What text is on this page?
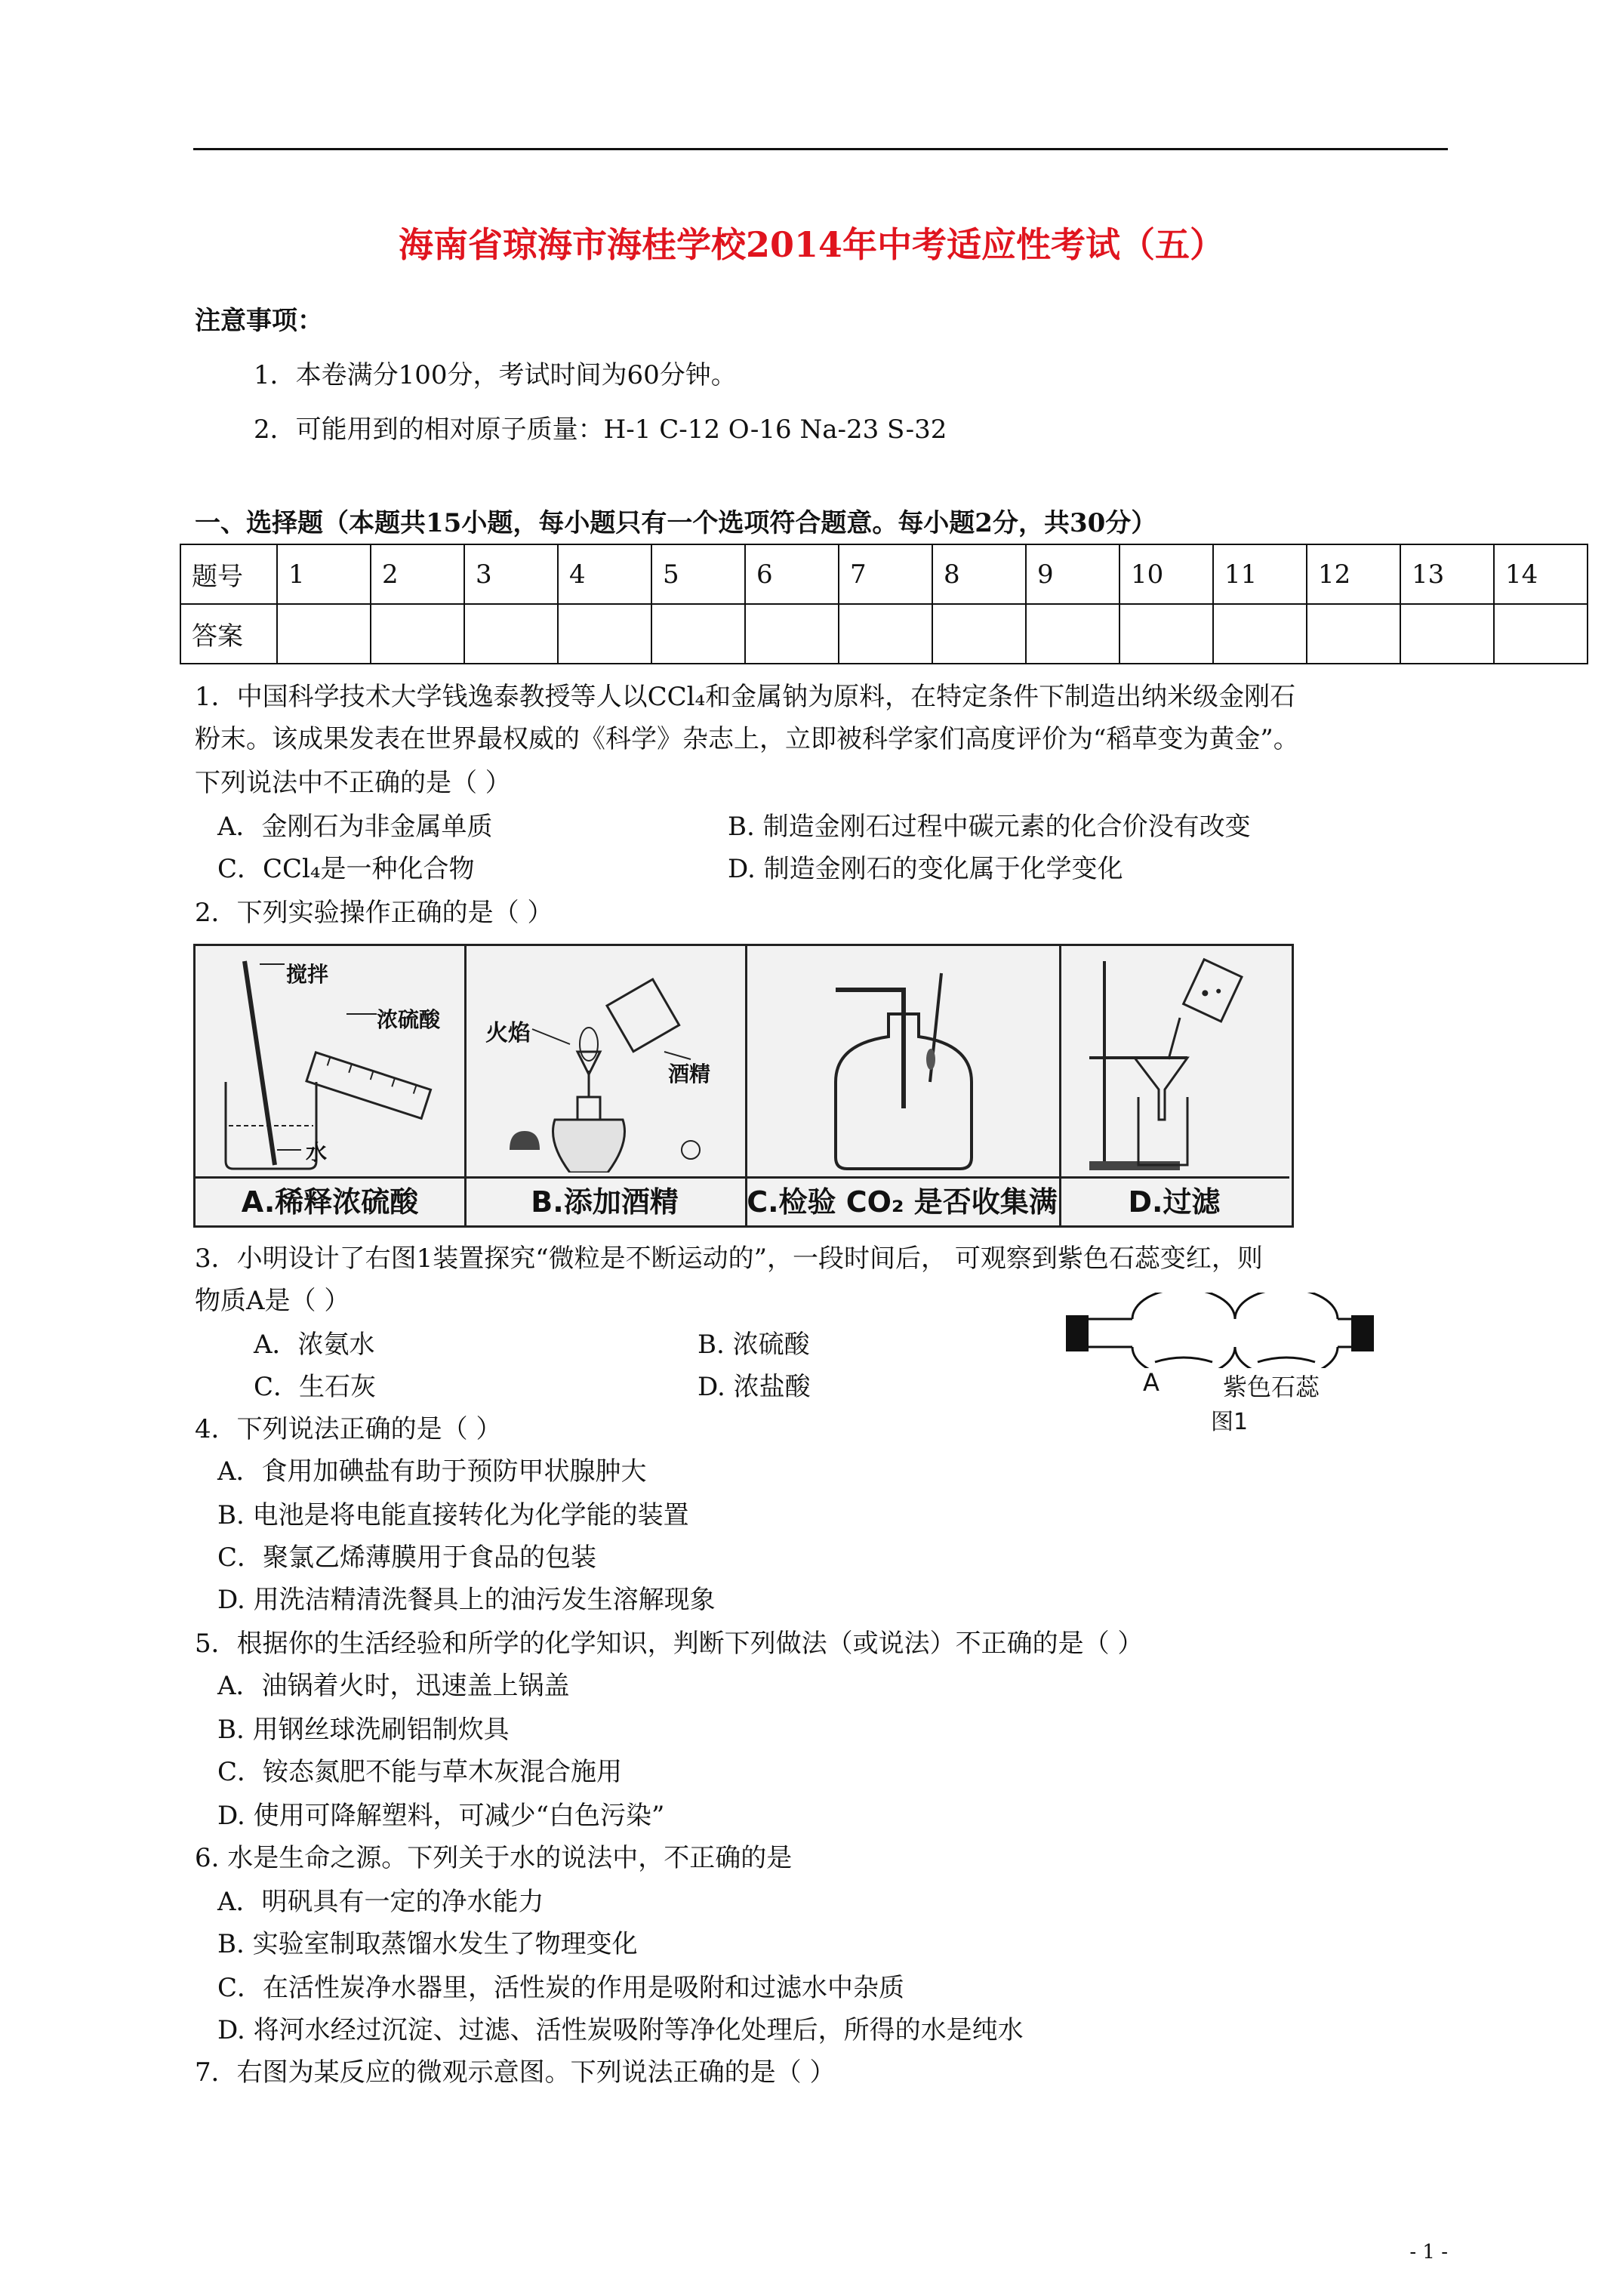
海南省琼海市海桂学校2014年中考适应性考试（五）
注意事项：
1．本卷满分100分，考试时间为60分钟。
2．可能用到的相对原子质量：H-1 C-12 O-16 Na-23 S-32
一、选择题（本题共15小题，每小题只有一个选项符合题意。每小题2分，共30分）
题号	1	2	3	4	5	6	7	8	9	10	11	12	13	14
答案														
1．中国科学技术大学钱逸泰教授等人以CCl₄和金属钠为原料，在特定条件下制造出纳米级金刚石
粉末。该成果发表在世界最权威的《科学》杂志上，立即被科学家们高度评价为“稻草变为黄金”。
下列说法中不正确的是（ ）
A．金刚石为非金属单质	B. 制造金刚石过程中碳元素的化合价没有改变
C．CCl₄是一种化合物	D. 制造金刚石的变化属于化学变化
2．下列实验操作正确的是（ ）
搅拌
浓硫酸
水
A.稀释浓硫酸
火焰
酒精
B.添加酒精	C.检验 CO₂ 是否收集满	D.过滤
3．小明设计了右图1装置探究“微粒是不断运动的”，一段时间后， 可观察到紫色石蕊变红，则
物质A是（ ）
A．浓氨水	B. 浓硫酸
C．生石灰	D. 浓盐酸	A	紫色石蕊
图1
4．下列说法正确的是（ ）
A．食用加碘盐有助于预防甲状腺肿大
B. 电池是将电能直接转化为化学能的装置
C．聚氯乙烯薄膜用于食品的包装
D. 用洗洁精清洗餐具上的油污发生溶解现象
5．根据你的生活经验和所学的化学知识，判断下列做法（或说法）不正确的是（ ）
A．油锅着火时，迅速盖上锅盖
B. 用钢丝球洗刷铝制炊具
C．铵态氮肥不能与草木灰混合施用
D. 使用可降解塑料，可减少“白色污染”
6. 水是生命之源。下列关于水的说法中，不正确的是
A．明矾具有一定的净水能力
B. 实验室制取蒸馏水发生了物理变化
C．在活性炭净水器里，活性炭的作用是吸附和过滤水中杂质
D. 将河水经过沉淀、过滤、活性炭吸附等净化处理后，所得的水是纯水
7．右图为某反应的微观示意图。下列说法正确的是（ ）
- 1 -
